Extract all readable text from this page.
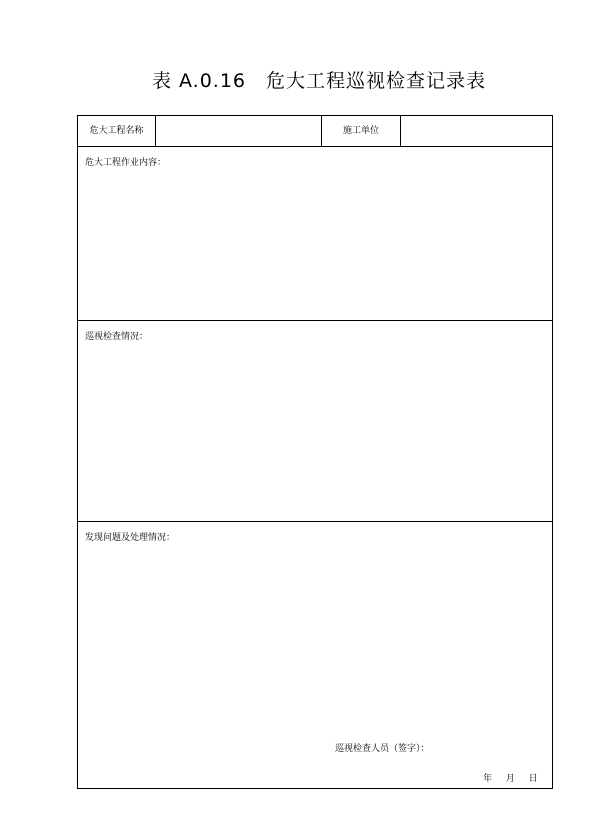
表 A.0.16　危大工程巡视检查记录表
危大工程名称	施工单位
危大工程作业内容：
巡视检查情况：
发现问题及处理情况：
巡视检查人员（签字）：
年 月 日
